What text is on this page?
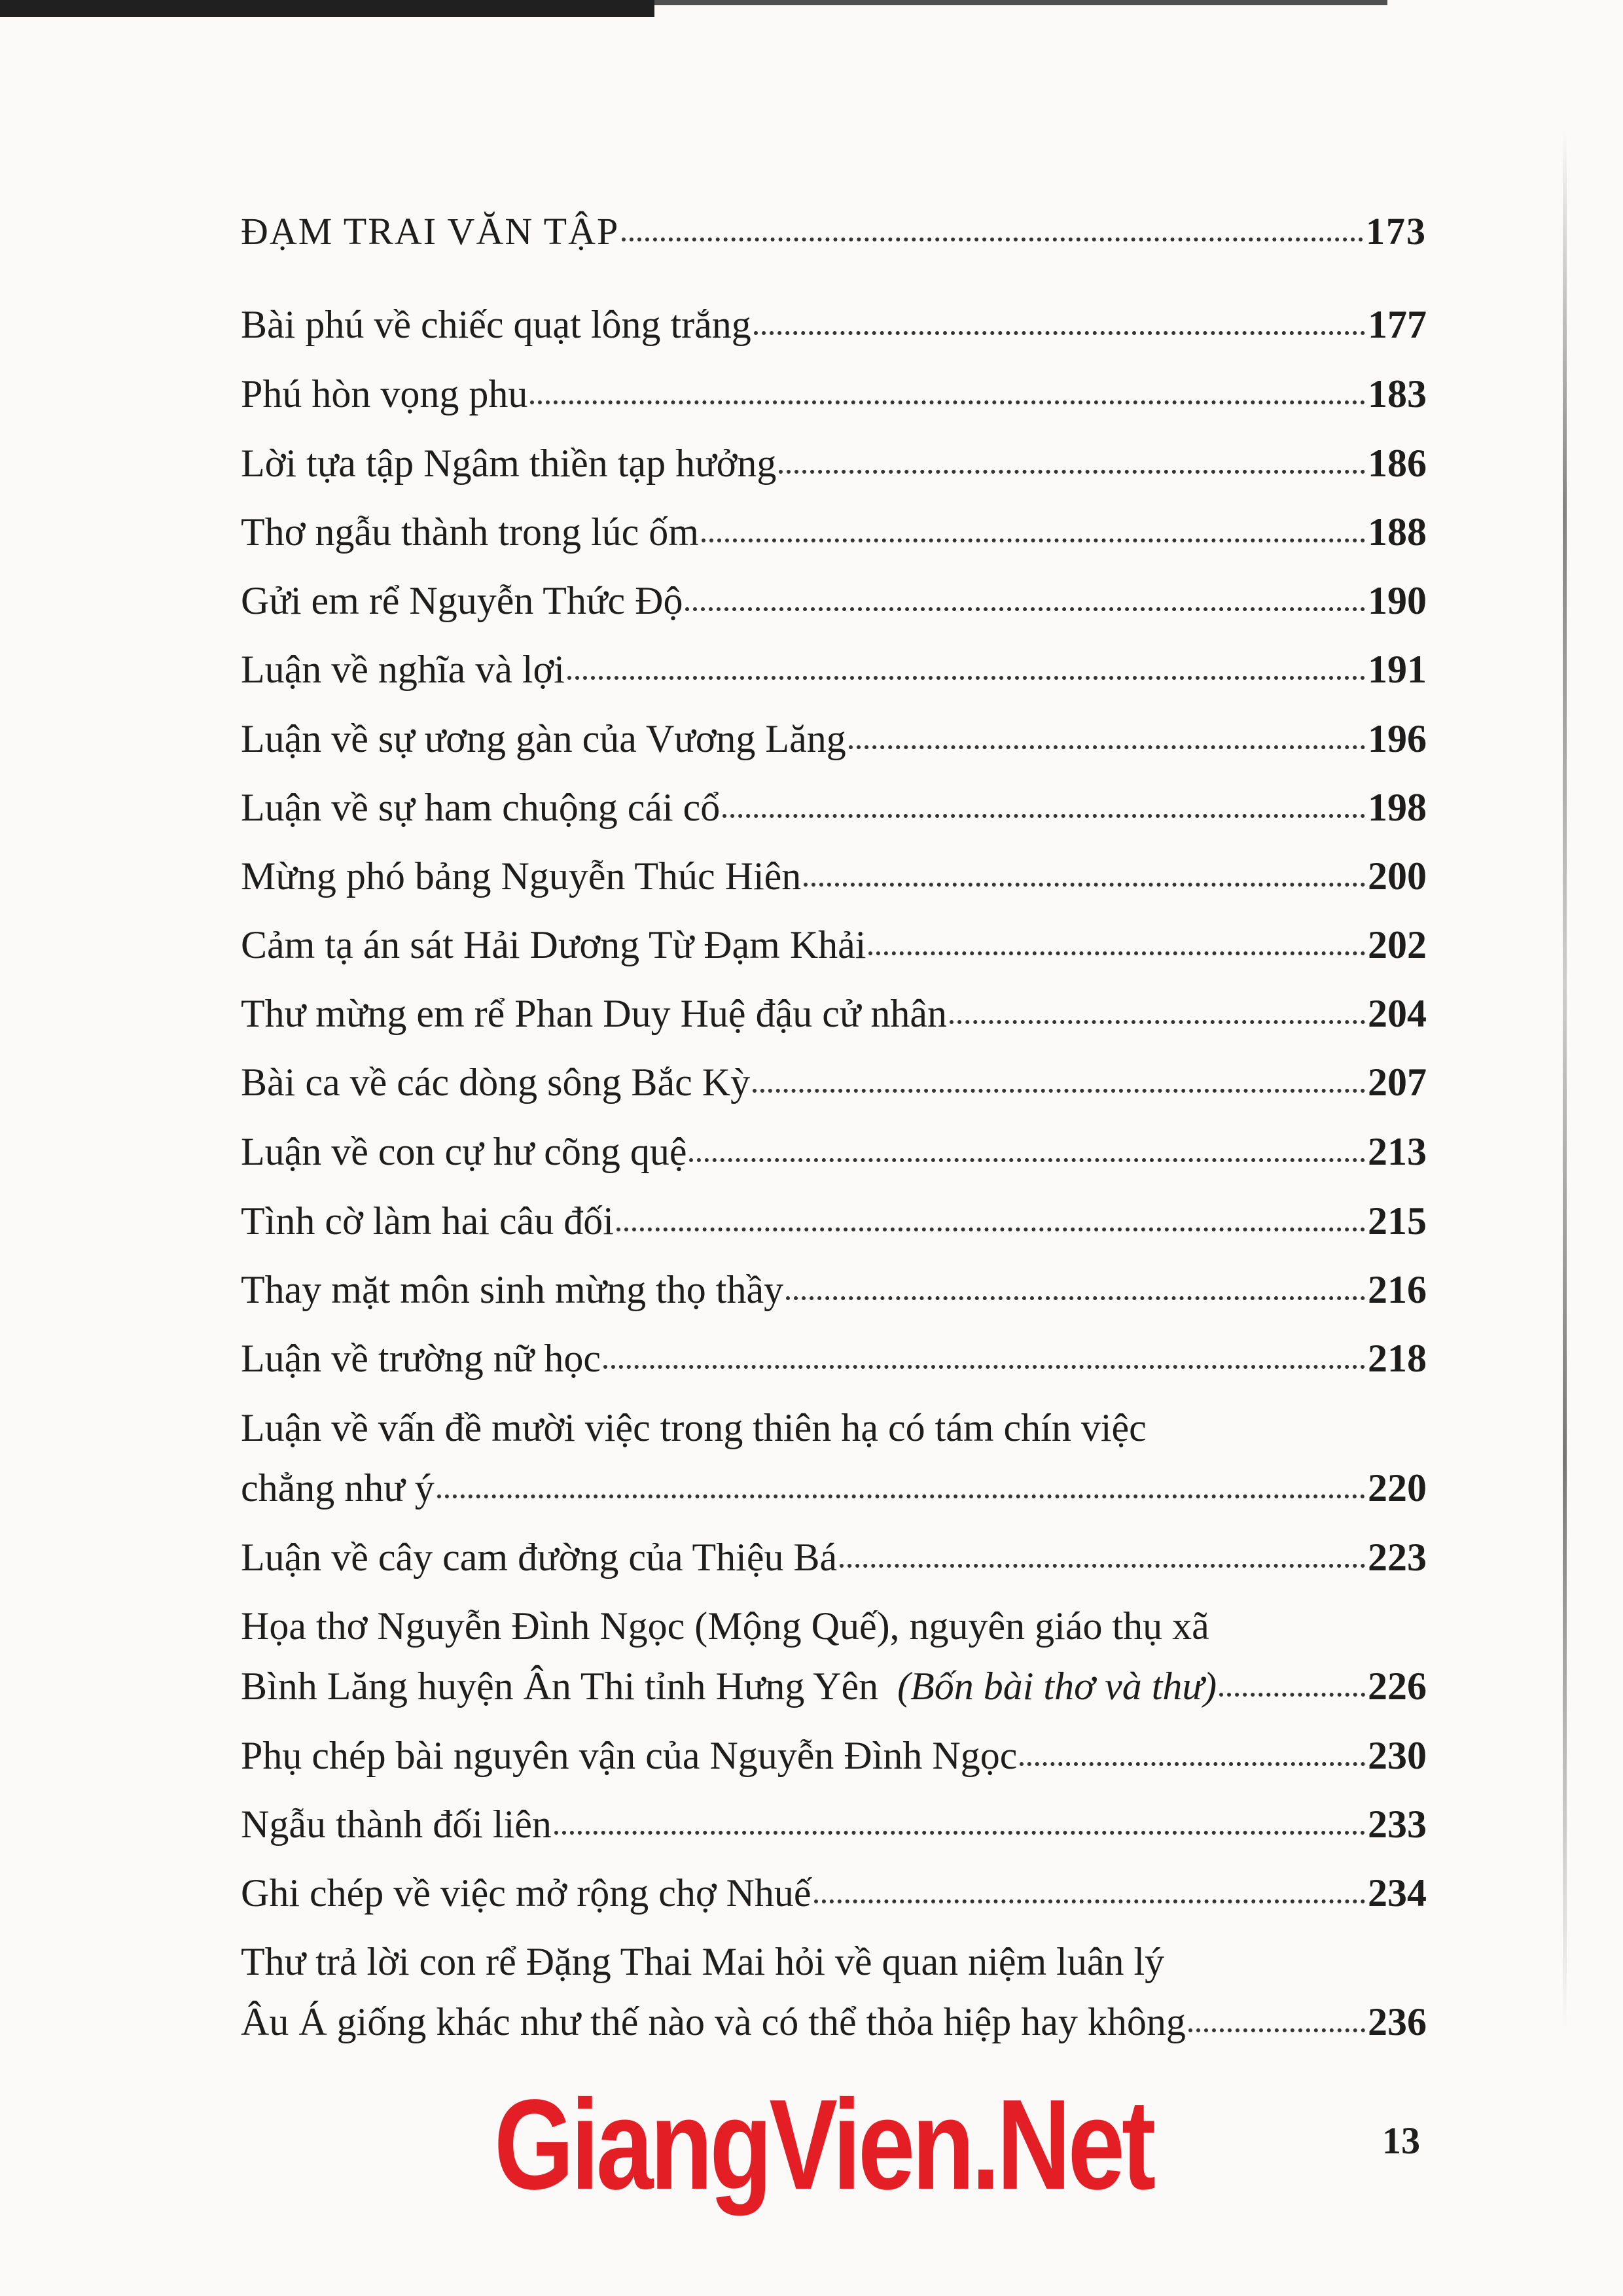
ĐẠM TRAI VĂN TẬP	173
Bài phú về chiếc quạt lông trắng	177
Phú hòn vọng phu	183
Lời tựa tập Ngâm thiền tạp hưởng	186
Thơ ngẫu thành trong lúc ốm	188
Gửi em rể Nguyễn Thức Độ	190
Luận về nghĩa và lợi	191
Luận về sự ương gàn của Vương Lăng	196
Luận về sự ham chuộng cái cổ	198
Mừng phó bảng Nguyễn Thúc Hiên	200
Cảm tạ án sát Hải Dương Từ Đạm Khải	202
Thư mừng em rể Phan Duy Huệ đậu cử nhân	204
Bài ca về các dòng sông Bắc Kỳ	207
Luận về con cự hư cõng quệ	213
Tình cờ làm hai câu đối	215
Thay mặt môn sinh mừng thọ thầy	216
Luận về trường nữ học	218
Luận về vấn đề mười việc trong thiên hạ có tám chín việc
chẳng như ý	220
Luận về cây cam đường của Thiệu Bá	223
Họa thơ Nguyễn Đình Ngọc (Mộng Quế), nguyên giáo thụ xã
Bình Lăng huyện Ân Thi tỉnh Hưng Yên (Bốn bài thơ và thư)	226
Phụ chép bài nguyên vận của Nguyễn Đình Ngọc	230
Ngẫu thành đối liên	233
Ghi chép về việc mở rộng chợ Nhuế	234
Thư trả lời con rể Đặng Thai Mai hỏi về quan niệm luân lý
Âu Á giống khác như thế nào và có thể thỏa hiệp hay không	236
GiangVien.Net	13
